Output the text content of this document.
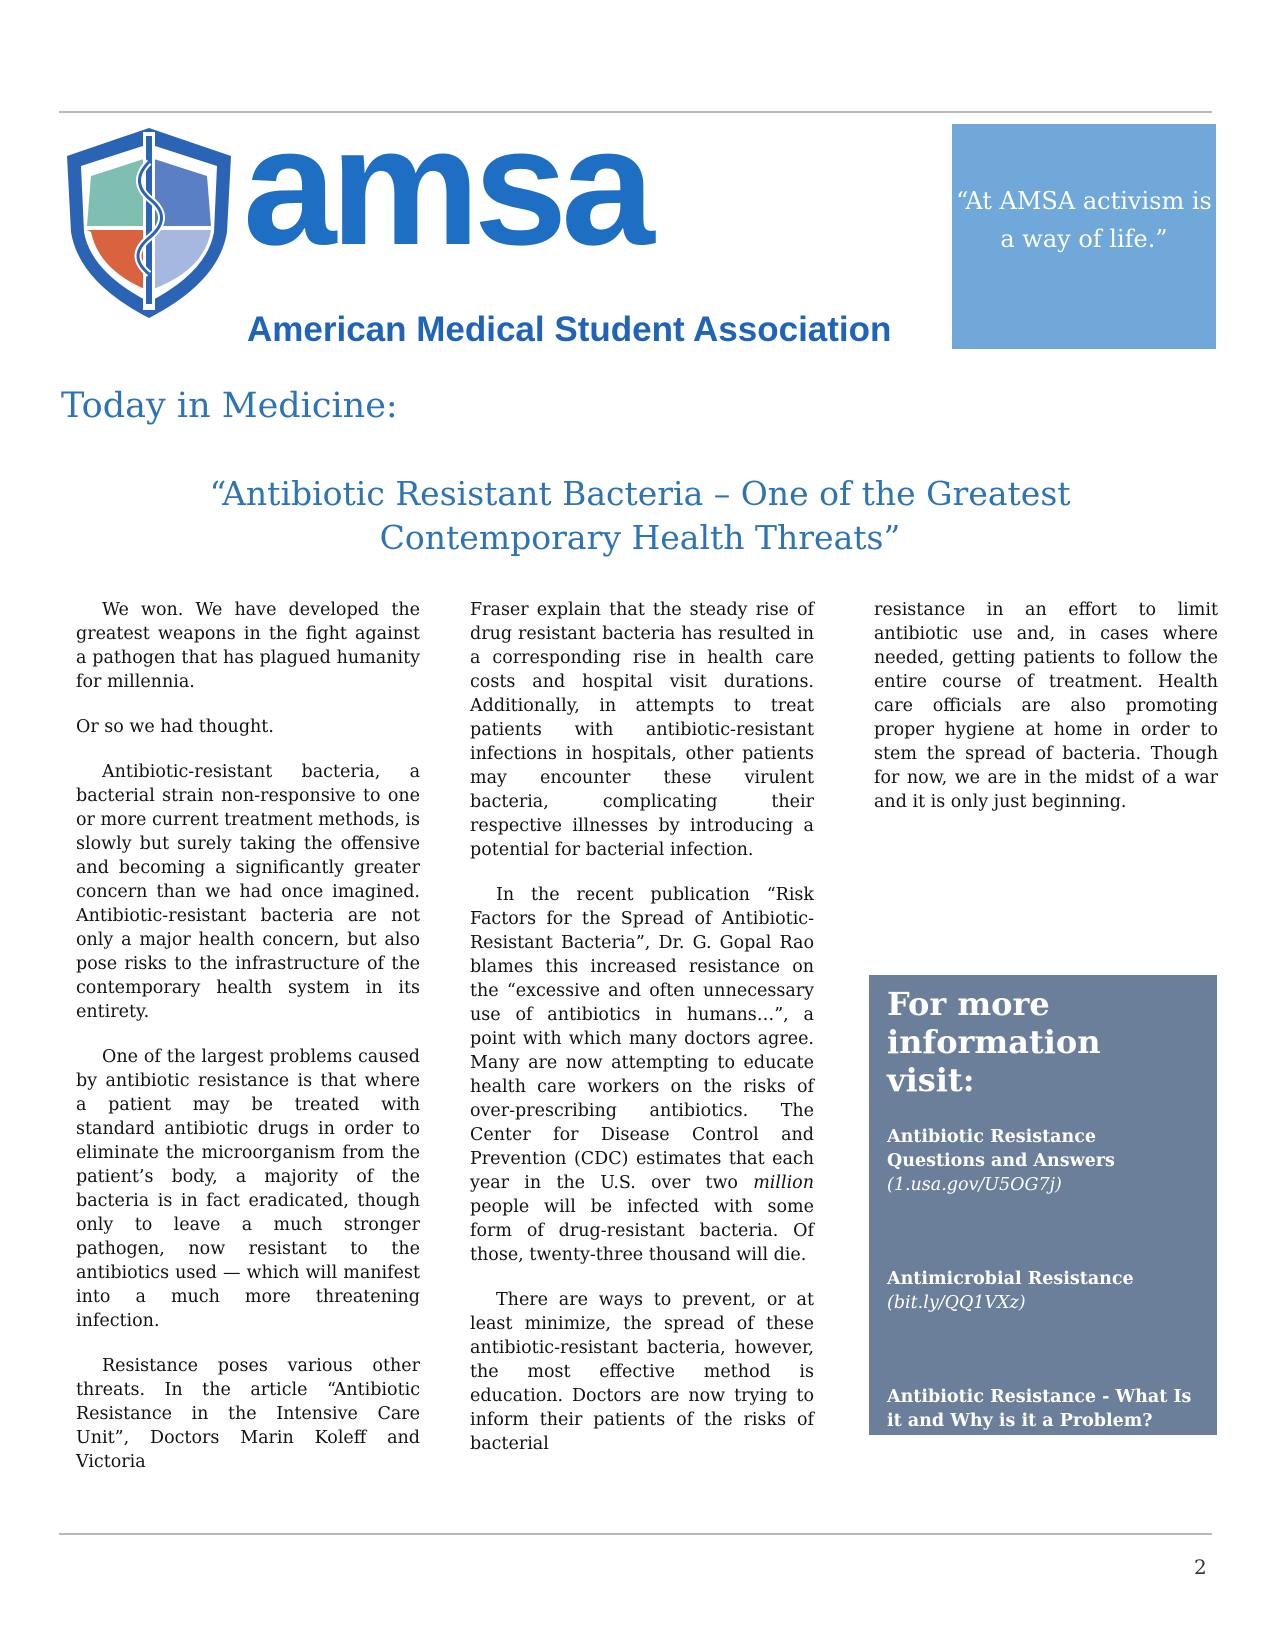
amsa
American Medical Student Association
“At AMSA activism is a way of life.”
Today in Medicine:
“Antibiotic Resistant Bacteria – One of the Greatest Contemporary Health Threats”

We won. We have developed the greatest weapons in the fight against a pathogen that has plagued humanity for millennia.

Or so we had thought.

Antibiotic-resistant bacteria, a bacterial strain non-responsive to one or more current treatment methods, is slowly but surely taking the offensive and becoming a significantly greater concern than we had once imagined. Antibiotic-resistant bacteria are not only a major health concern, but also pose risks to the infrastructure of the contemporary health system in its entirety.

One of the largest problems caused by antibiotic resistance is that where a patient may be treated with standard antibiotic drugs in order to eliminate the microorganism from the patient’s body, a majority of the bacteria is in fact eradicated, though only to leave a much stronger pathogen, now resistant to the antibiotics used — which will manifest into a much more threatening infection.

Resistance poses various other threats. In the article “Antibiotic Resistance in the Intensive Care Unit”, Doctors Marin Koleff and Victoria

Fraser explain that the steady rise of drug resistant bacteria has resulted in a corresponding rise in health care costs and hospital visit durations. Additionally, in attempts to treat patients with antibiotic-resistant infections in hospitals, other patients may encounter these virulent bacteria, complicating their respective illnesses by introducing a potential for bacterial infection.

In the recent publication “Risk Factors for the Spread of Antibiotic-Resistant Bacteria”, Dr. G. Gopal Rao blames this increased resistance on the “excessive and often unnecessary use of antibiotics in humans…”, a point with which many doctors agree. Many are now attempting to educate health care workers on the risks of over-prescribing antibiotics. The Center for Disease Control and Prevention (CDC) estimates that each year in the U.S. over two million people will be infected with some form of drug-resistant bacteria. Of those, twenty-three thousand will die.

There are ways to prevent, or at least minimize, the spread of these antibiotic-resistant bacteria, however, the most effective method is education. Doctors are now trying to inform their patients of the risks of bacterial

resistance in an effort to limit antibiotic use and, in cases where needed, getting patients to follow the entire course of treatment. Health care officials are also promoting proper hygiene at home in order to stem the spread of bacteria. Though for now, we are in the midst of a war and it is only just beginning.

For more information visit:
Antibiotic Resistance Questions and Answers
(1.usa.gov/U5OG7j)
Antimicrobial Resistance
(bit.ly/QQ1VXz)
Antibiotic Resistance - What Is it and Why is it a Problem?
(bit.ly/1ryYmWg)
2
